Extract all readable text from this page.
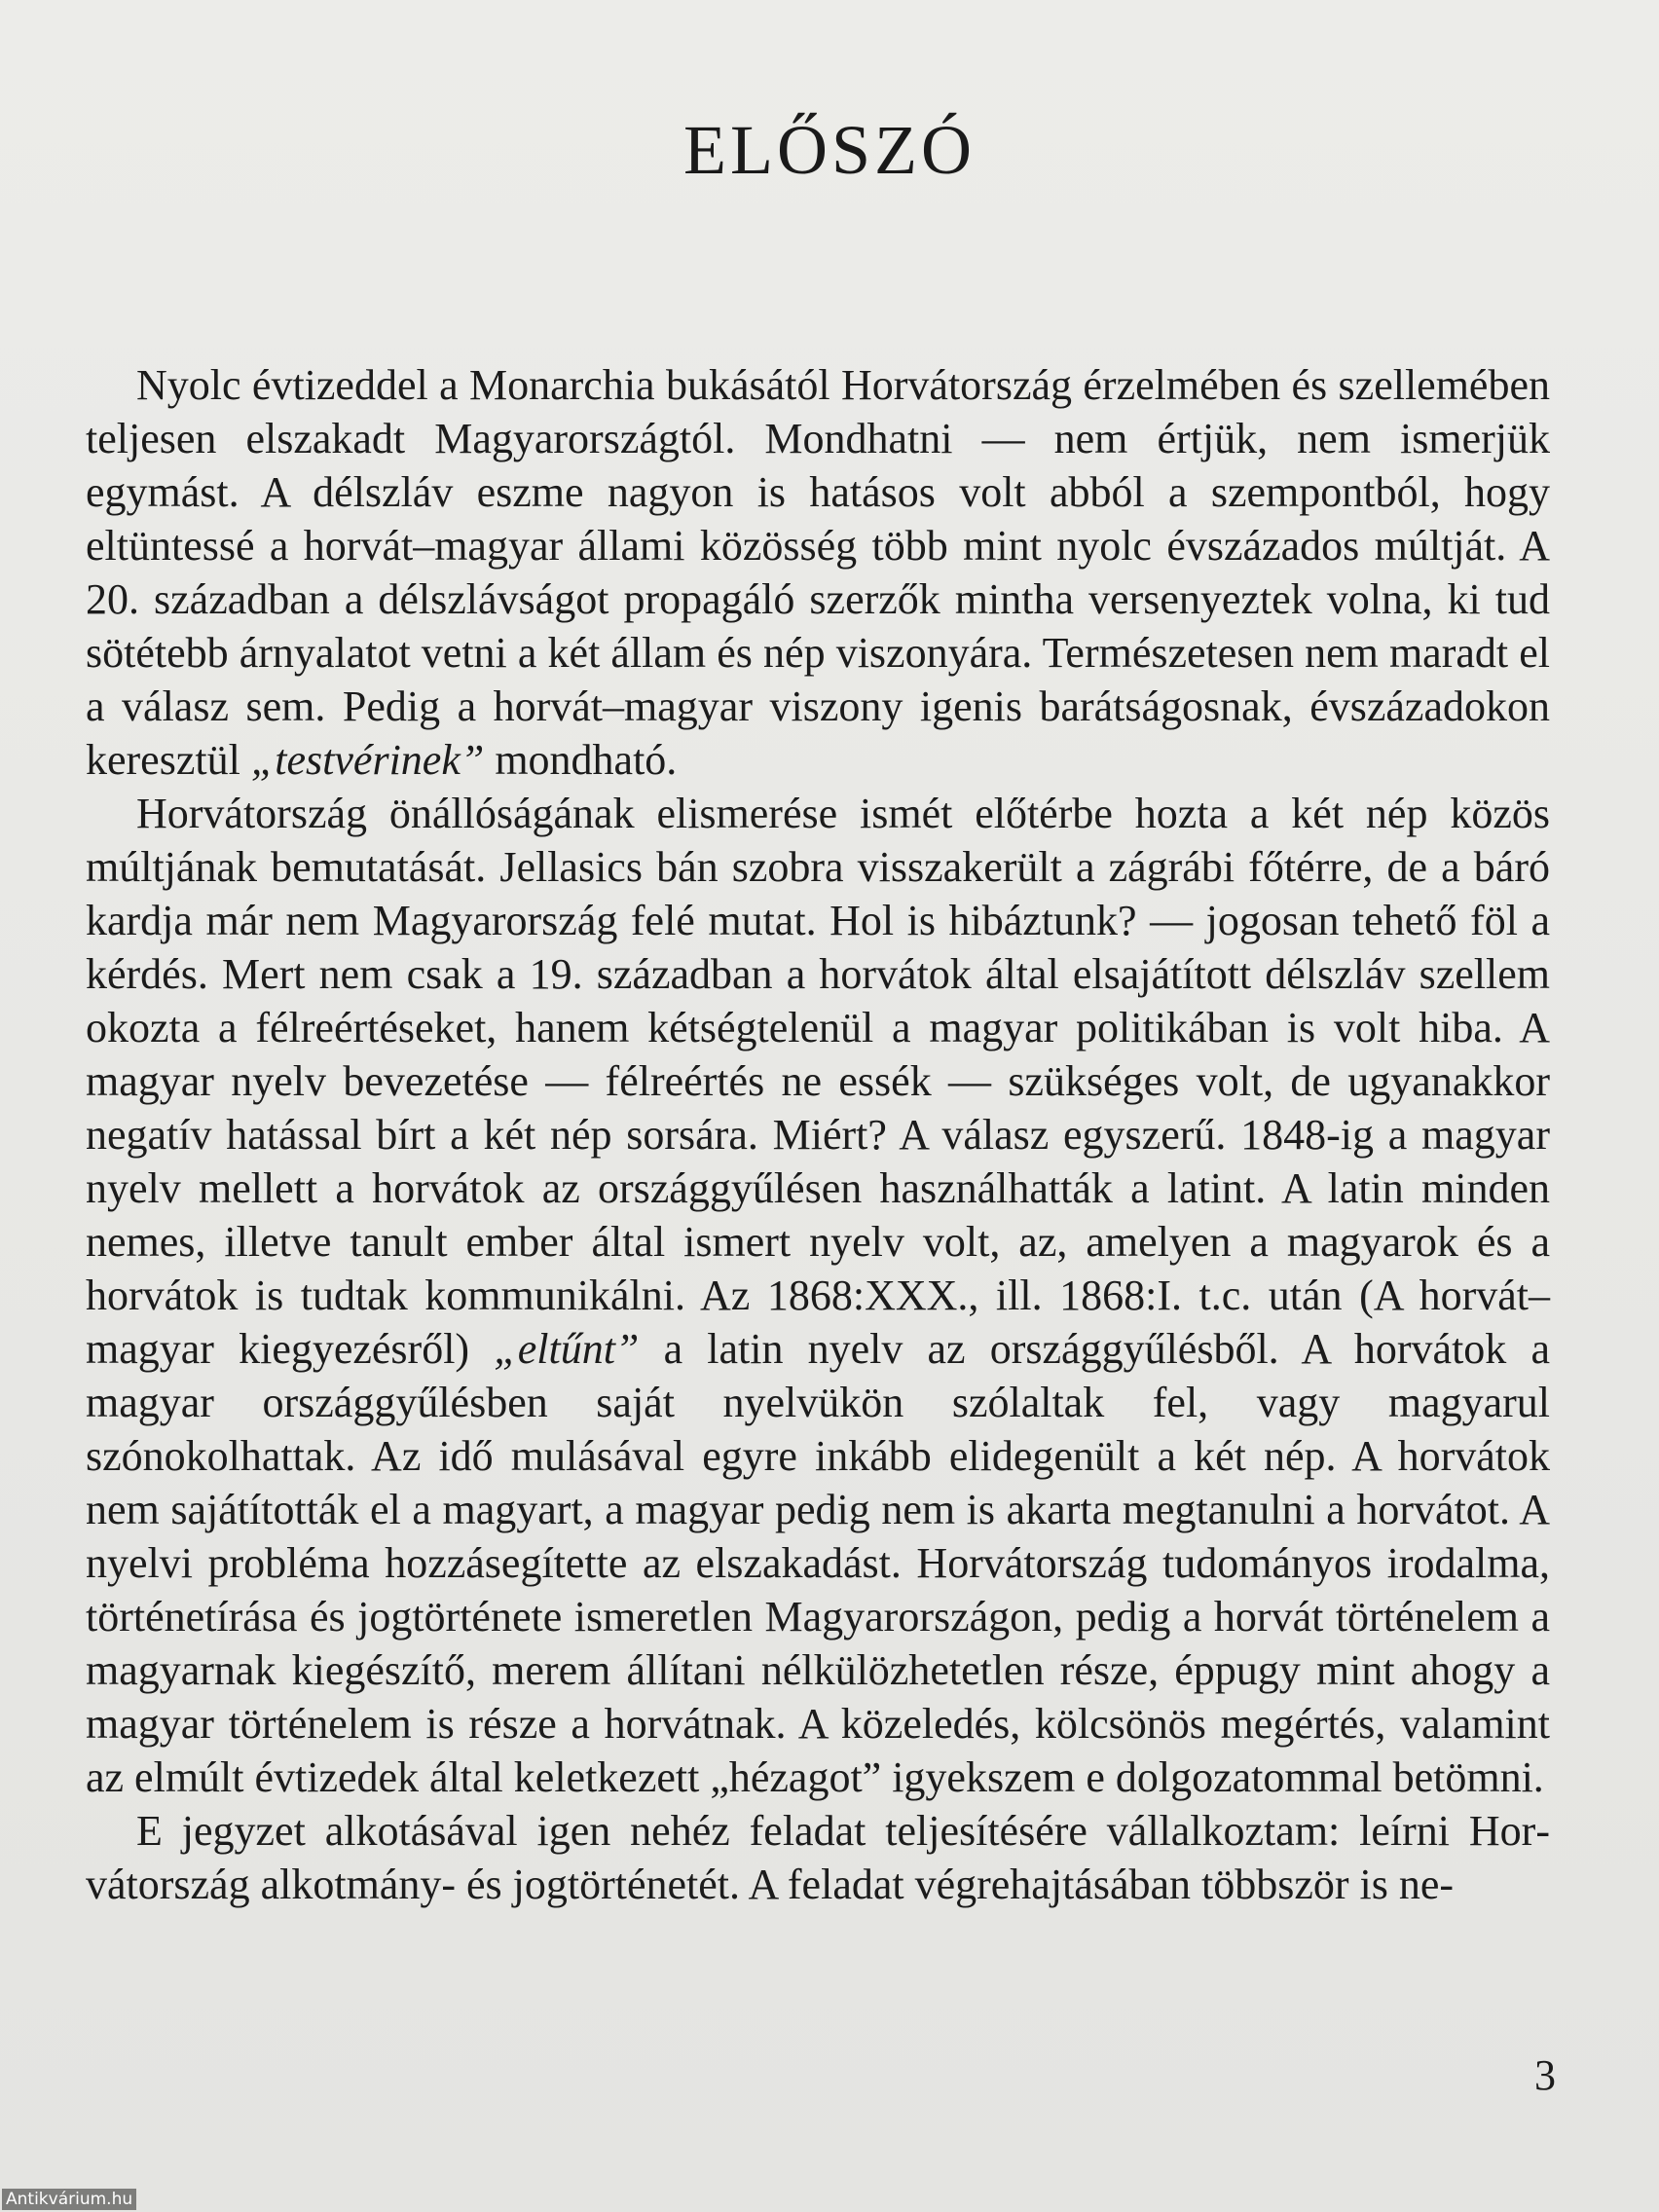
ELŐSZÓ

Nyolc évtizeddel a Monarchia bukásától Horvátország érzelmében és szellemében teljesen elszakadt Magyarországtól. Mondhatni — nem értjük, nem ismerjük egymást. A délszláv eszme nagyon is hatásos volt abból a szempontból, hogy eltüntessé a horvát–magyar állami közösség több mint nyolc évszázados múltját. A 20. században a délszlávságot propagáló szerzők mintha versenyeztek volna, ki tud sötétebb árnyalatot vetni a két állam és nép viszonyára. Természetesen nem maradt el a válasz sem. Pedig a horvát–magyar viszony igenis barátságosnak, évszázadokon keresztül „testvérinek” mondható.

Horvátország önállóságának elismerése ismét előtérbe hozta a két nép közös múltjának bemutatását. Jellasics bán szobra visszakerült a zágrábi főtérre, de a báró kardja már nem Magyarország felé mutat. Hol is hibáztunk? — jogosan tehető föl a kérdés. Mert nem csak a 19. században a horvátok által elsajátított délszláv szellem okozta a félreértéseket, hanem kétségtelenül a magyar politikában is volt hiba. A magyar nyelv bevezetése — félreértés ne essék — szükséges volt, de ugyanakkor negatív hatással bírt a két nép sorsára. Miért? A válasz egyszerű. 1848-ig a magyar nyelv mellett a horvátok az országgyűlésen használhatták a latint. A latin minden nemes, illetve tanult ember által ismert nyelv volt, az, amelyen a magyarok és a horvátok is tudtak kommunikálni. Az 1868:XXX., ill. 1868:I. t.c. után (A horvát–magyar kiegyezésről) „eltűnt” a latin nyelv az országgyűlésből. A horvátok a magyar országgyűlésben saját nyelvükön szólaltak fel, vagy magyarul szónokolhattak. Az idő mulásával egyre inkább elidegenült a két nép. A horvátok nem sajátították el a magyart, a magyar pedig nem is akarta megtanulni a horvátot. A nyelvi probléma hozzásegítette az elszakadást. Horvátország tudományos irodalma, történetírása és jogtörténete ismeretlen Magyarországon, pedig a horvát történelem a magyarnak kiegészítő, merem állítani nélkülözhetetlen része, éppugy mint ahogy a magyar történelem is része a horvátnak. A közeledés, kölcsönös megértés, valamint az elmúlt évtizedek által keletkezett „hézagot” igyekszem e dolgozatommal betömni.

E jegyzet alkotásával igen nehéz feladat teljesítésére vállalkoztam: leírni Horvátország alkotmány- és jogtörténetét. A feladat végrehajtásában többször is ne-

3
Antikvárium.hu
